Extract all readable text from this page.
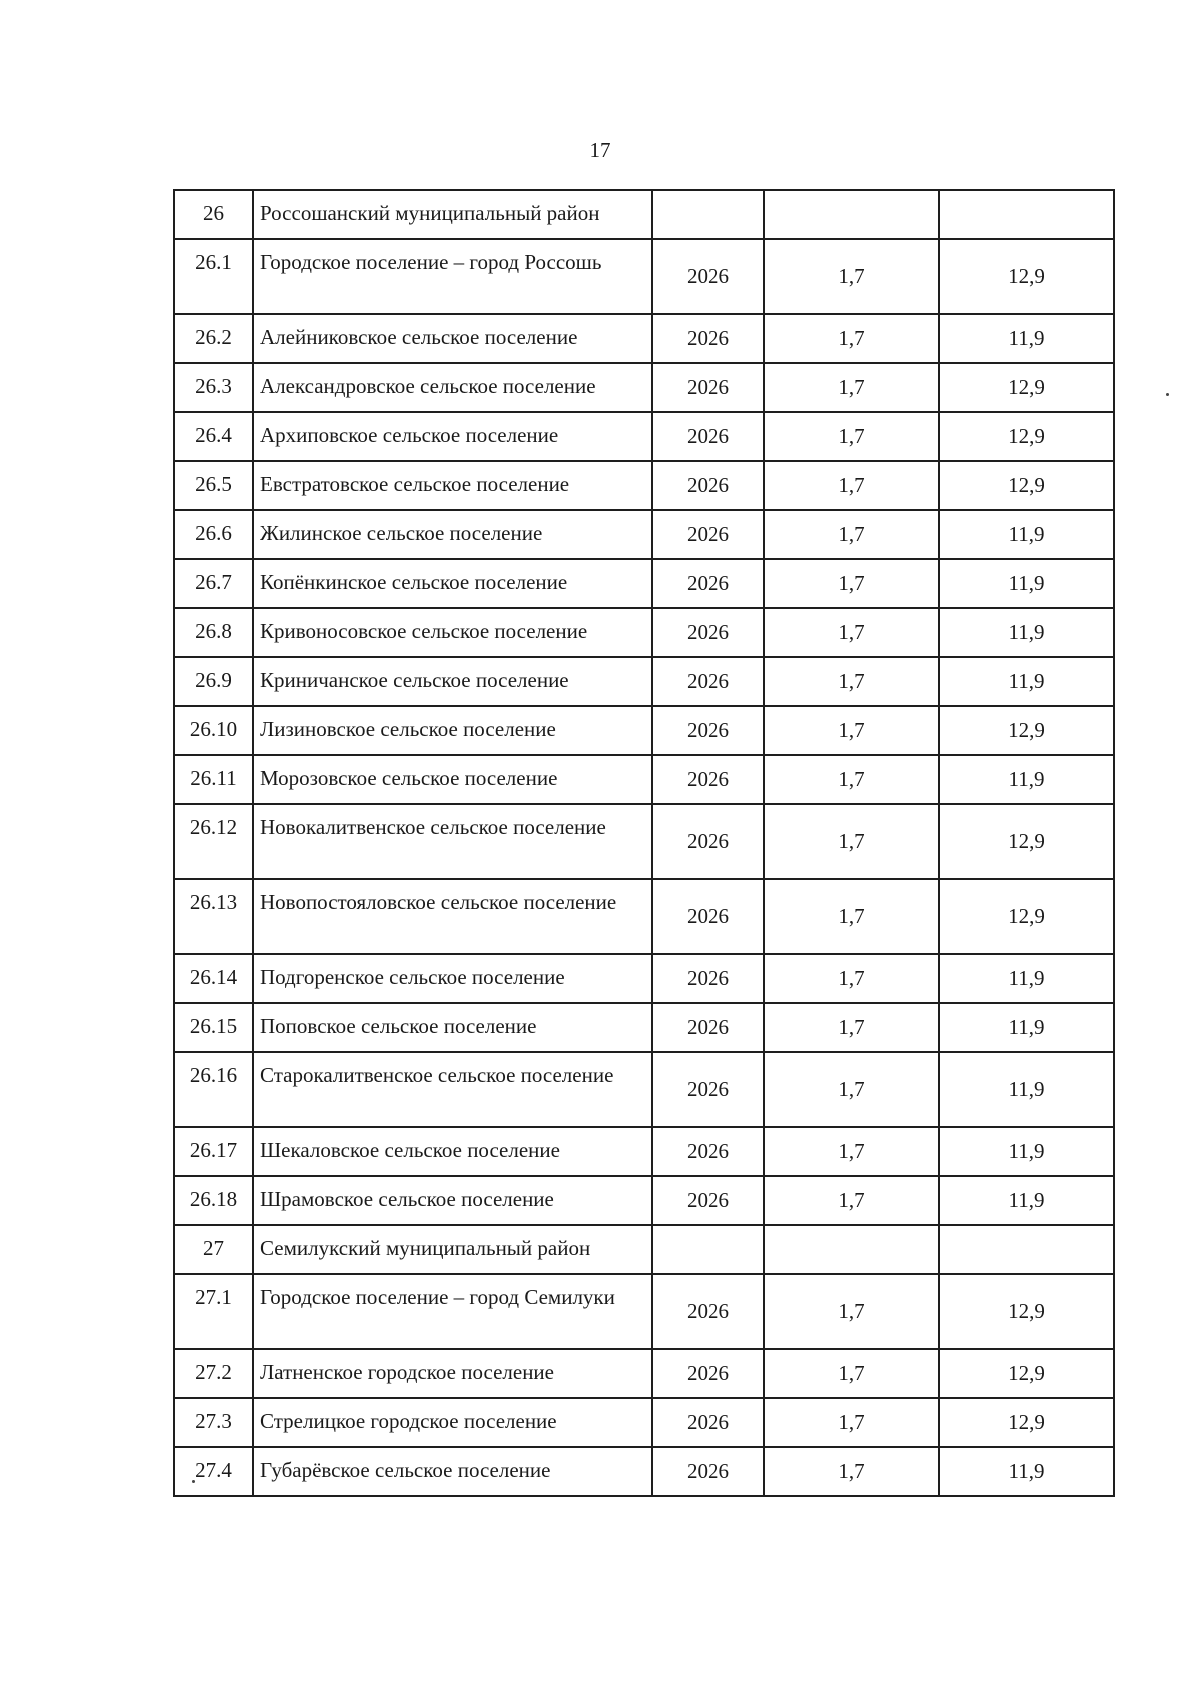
17
26	Россошанский муниципальный район			
26.1	Городское поселение – город Россошь	2026	1,7	12,9
26.2	Алейниковское сельское поселение	2026	1,7	11,9
26.3	Александровское сельское поселение	2026	1,7	12,9
26.4	Архиповское сельское поселение	2026	1,7	12,9
26.5	Евстратовское сельское поселение	2026	1,7	12,9
26.6	Жилинское сельское поселение	2026	1,7	11,9
26.7	Копёнкинское сельское поселение	2026	1,7	11,9
26.8	Кривоносовское сельское поселение	2026	1,7	11,9
26.9	Криничанское сельское поселение	2026	1,7	11,9
26.10	Лизиновское сельское поселение	2026	1,7	12,9
26.11	Морозовское сельское поселение	2026	1,7	11,9
26.12	Новокалитвенское сельское поселение	2026	1,7	12,9
26.13	Новопостояловское сельское поселение	2026	1,7	12,9
26.14	Подгоренское сельское поселение	2026	1,7	11,9
26.15	Поповское сельское поселение	2026	1,7	11,9
26.16	Старокалитвенское сельское поселение	2026	1,7	11,9
26.17	Шекаловское сельское поселение	2026	1,7	11,9
26.18	Шрамовское сельское поселение	2026	1,7	11,9
27	Семилукский муниципальный район			
27.1	Городское поселение – город Семилуки	2026	1,7	12,9
27.2	Латненское городское поселение	2026	1,7	12,9
27.3	Стрелицкое городское поселение	2026	1,7	12,9
27.4	Губарёвское сельское поселение	2026	1,7	11,9
